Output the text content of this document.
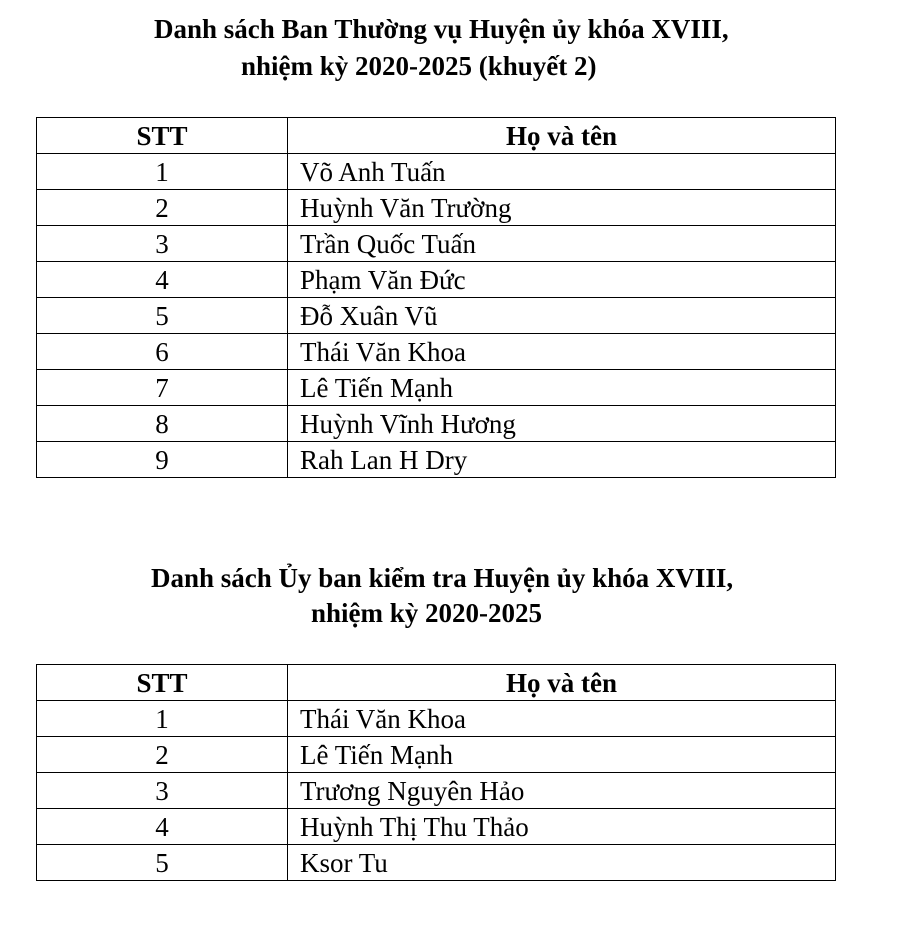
Danh sách Ban Thường vụ Huyện ủy khóa XVIII,
nhiệm kỳ 2020-2025 (khuyết 2)
STT	Họ và tên
1	Võ Anh Tuấn
2	Huỳnh Văn Trường
3	Trần Quốc Tuấn
4	Phạm Văn Đức
5	Đỗ Xuân Vũ
6	Thái Văn Khoa
7	Lê Tiến Mạnh
8	Huỳnh Vĩnh Hương
9	Rah Lan H Dry
Danh sách Ủy ban kiểm tra Huyện ủy khóa XVIII,
nhiệm kỳ 2020-2025
STT	Họ và tên
1	Thái Văn Khoa
2	Lê Tiến Mạnh
3	Trương Nguyên Hảo
4	Huỳnh Thị Thu Thảo
5	Ksor Tu
